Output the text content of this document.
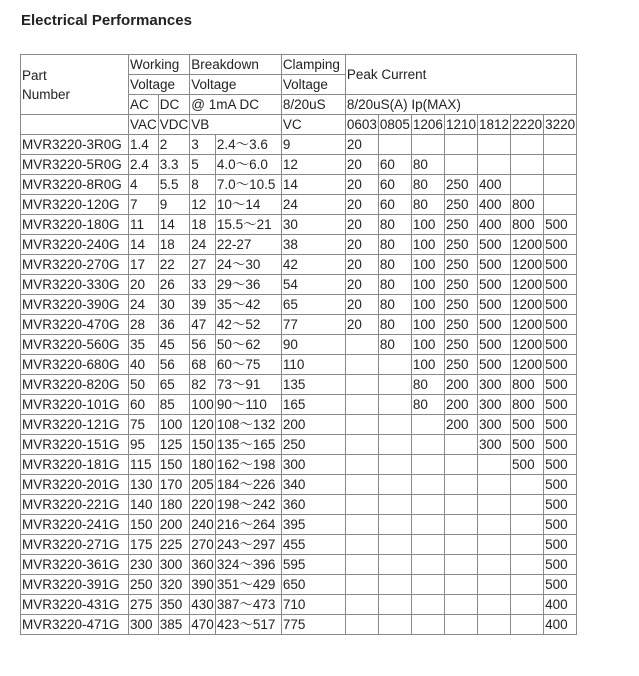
Electrical Performances
Part
Number	Working		Breakdown		Clamping	Peak Current						
	Voltage		Voltage		Voltage							
	AC	DC	@ 1mA DC		8/20uS	8/20uS(A) Ip(MAX)						
	VAC	VDC	VB		VC	0603	0805	1206	1210	1812	2220	3220
MVR3220-3R0G	1.4	2	3	2.4～3.6	9	20						
MVR3220-5R0G	2.4	3.3	5	4.0～6.0	12	20	60	80				
MVR3220-8R0G	4	5.5	8	7.0～10.5	14	20	60	80	250	400		
MVR3220-120G	7	9	12	10～14	24	20	60	80	250	400	800	
MVR3220-180G	11	14	18	15.5～21	30	20	80	100	250	400	800	500
MVR3220-240G	14	18	24	22-27	38	20	80	100	250	500	1200	500
MVR3220-270G	17	22	27	24～30	42	20	80	100	250	500	1200	500
MVR3220-330G	20	26	33	29～36	54	20	80	100	250	500	1200	500
MVR3220-390G	24	30	39	35～42	65	20	80	100	250	500	1200	500
MVR3220-470G	28	36	47	42～52	77	20	80	100	250	500	1200	500
MVR3220-560G	35	45	56	50～62	90		80	100	250	500	1200	500
MVR3220-680G	40	56	68	60～75	110			100	250	500	1200	500
MVR3220-820G	50	65	82	73～91	135			80	200	300	800	500
MVR3220-101G	60	85	100	90～110	165			80	200	300	800	500
MVR3220-121G	75	100	120	108～132	200				200	300	500	500
MVR3220-151G	95	125	150	135～165	250					300	500	500
MVR3220-181G	115	150	180	162～198	300						500	500
MVR3220-201G	130	170	205	184～226	340							500
MVR3220-221G	140	180	220	198～242	360							500
MVR3220-241G	150	200	240	216～264	395							500
MVR3220-271G	175	225	270	243～297	455							500
MVR3220-361G	230	300	360	324～396	595							500
MVR3220-391G	250	320	390	351～429	650							500
MVR3220-431G	275	350	430	387～473	710							400
MVR3220-471G	300	385	470	423～517	775							400
